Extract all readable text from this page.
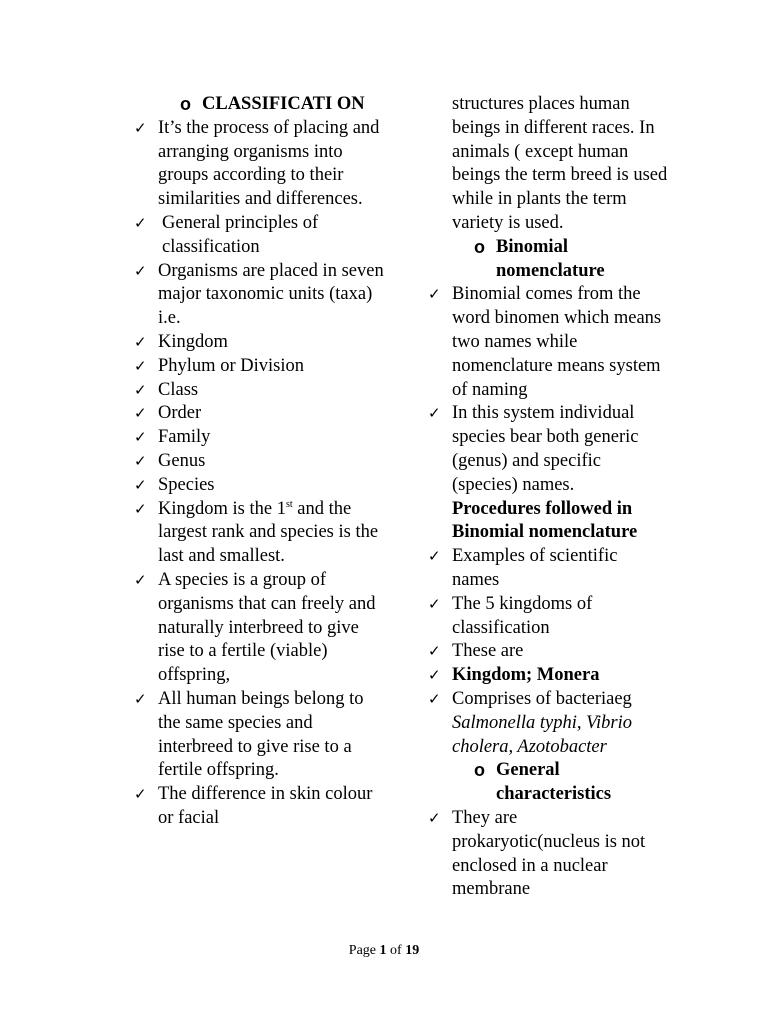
o CLASSIFICATI ON
✓ It’s the process of placing and arranging organisms into groups according to their similarities and differences.
✓ General principles of classification
✓ Organisms are placed in seven major taxonomic units (taxa) i.e.
✓ Kingdom
✓ Phylum or Division
✓ Class
✓ Order
✓ Family
✓ Genus
✓ Species
✓ Kingdom is the 1st and the largest rank and species is the last and smallest.
✓ A species is a group of organisms that can freely and naturally interbreed to give rise to a fertile (viable) offspring,
✓ All human beings belong to the same species and interbreed to give rise to a fertile offspring.
✓ The difference in skin colour or facial
structures places human beings in different races. In animals ( except human beings the term breed is used while in plants the term variety is used.
o Binomial nomenclature
✓ Binomial comes from the word binomen which means two names while nomenclature means system of naming
✓ In this system individual species bear both generic (genus) and specific (species) names.
Procedures followed in Binomial nomenclature
✓ Examples of scientific names
✓ The 5 kingdoms of classification
✓ These are
✓ Kingdom; Monera
✓ Comprises of bacteriaeg
Salmonella typhi, Vibrio cholera, Azotobacter
o General characteristics
✓ They are prokaryotic(nucleus is not enclosed in a nuclear membrane
Page 1 of 19
